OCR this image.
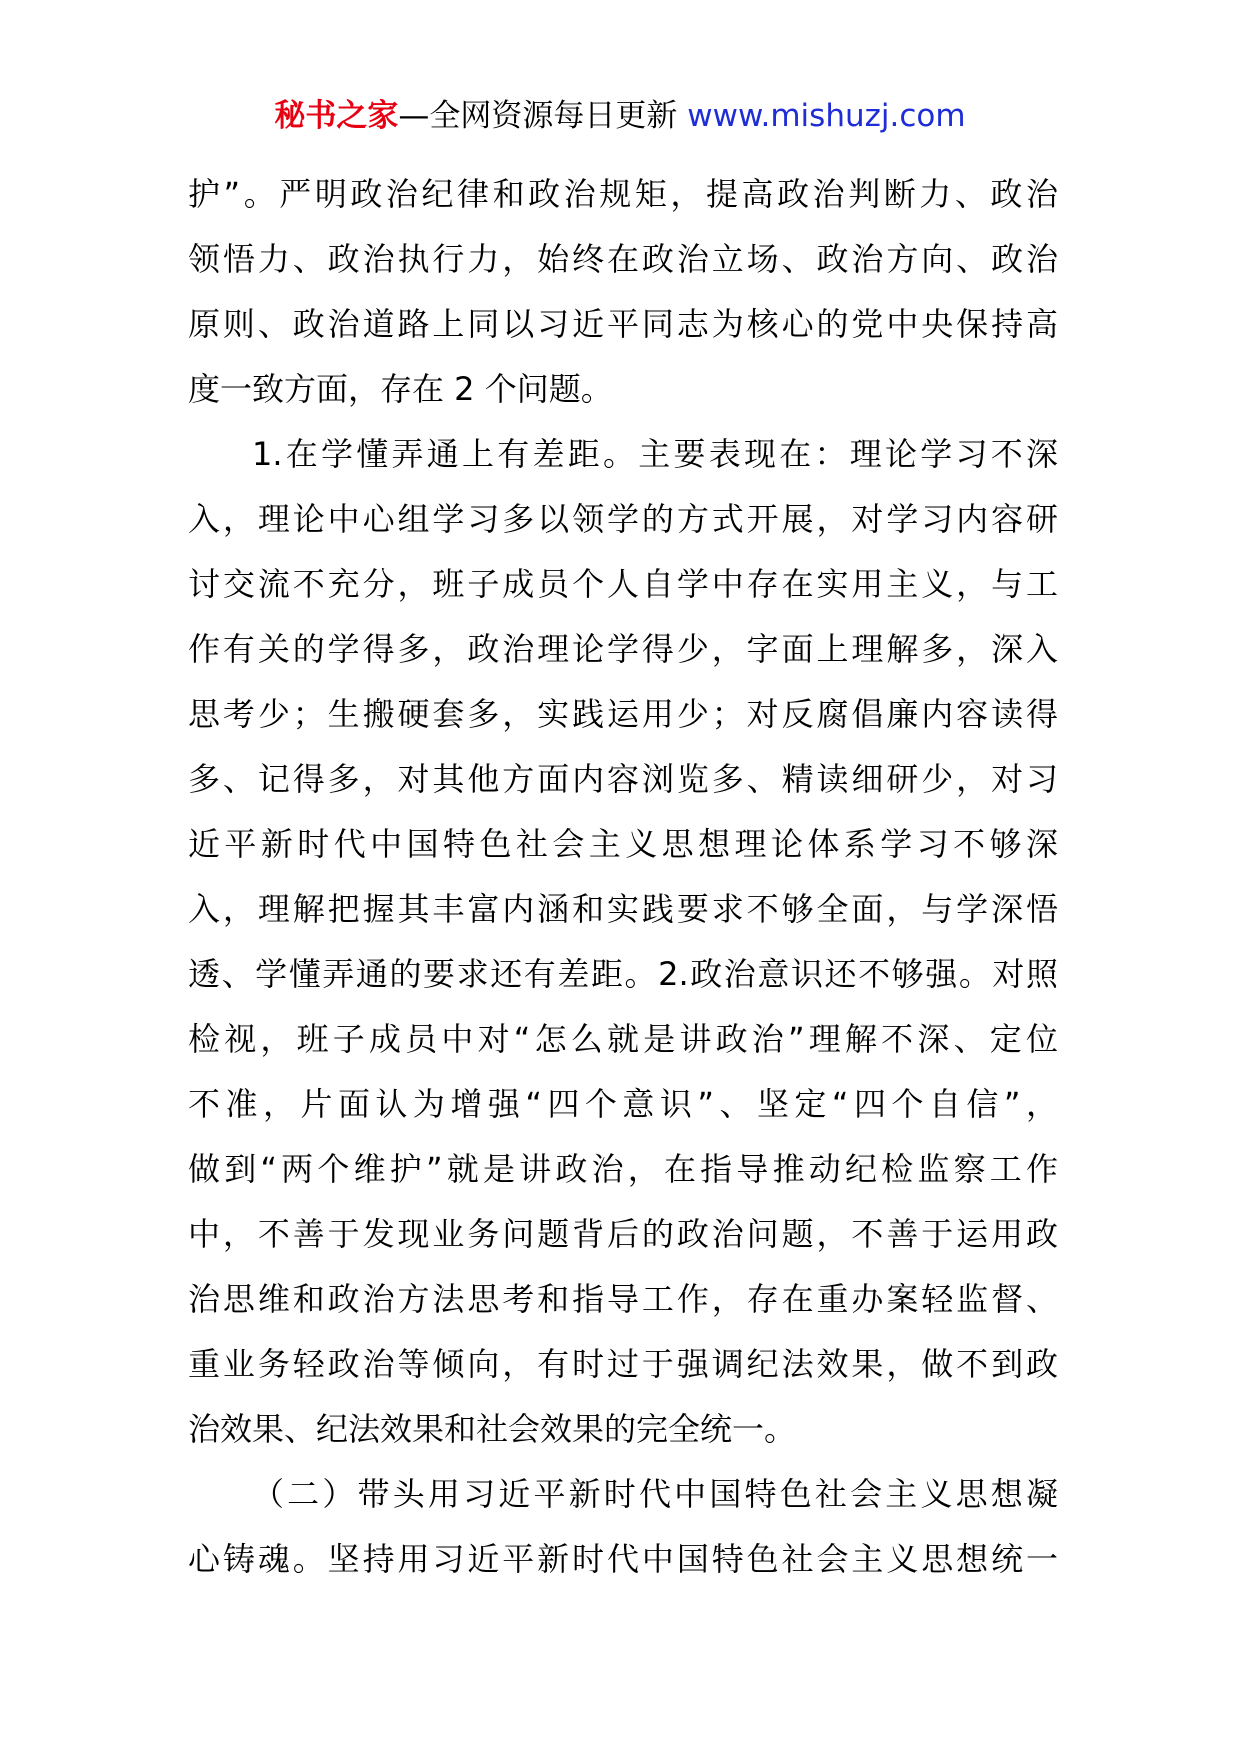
秘书之家—全网资源每日更新 www.mishuzj.com
护”。严明政治纪律和政治规矩，提高政治判断力、政治
领悟力、政治执行力，始终在政治立场、政治方向、政治
原则、政治道路上同以习近平同志为核心的党中央保持高
度一致方面，存在 2 个问题。
1.在学懂弄通上有差距。主要表现在：理论学习不深
入，理论中心组学习多以领学的方式开展，对学习内容研
讨交流不充分，班子成员个人自学中存在实用主义，与工
作有关的学得多，政治理论学得少，字面上理解多，深入
思考少；生搬硬套多，实践运用少；对反腐倡廉内容读得
多、记得多，对其他方面内容浏览多、精读细研少，对习
近平新时代中国特色社会主义思想理论体系学习不够深
入，理解把握其丰富内涵和实践要求不够全面，与学深悟
透、学懂弄通的要求还有差距。2.政治意识还不够强。对照
检视，班子成员中对“怎么就是讲政治”理解不深、定位
不准，片面认为增强“四个意识”、坚定“四个自信”，
做到“两个维护”就是讲政治，在指导推动纪检监察工作
中，不善于发现业务问题背后的政治问题，不善于运用政
治思维和政治方法思考和指导工作，存在重办案轻监督、
重业务轻政治等倾向，有时过于强调纪法效果，做不到政
治效果、纪法效果和社会效果的完全统一。
（二）带头用习近平新时代中国特色社会主义思想凝
心铸魂。坚持用习近平新时代中国特色社会主义思想统一
